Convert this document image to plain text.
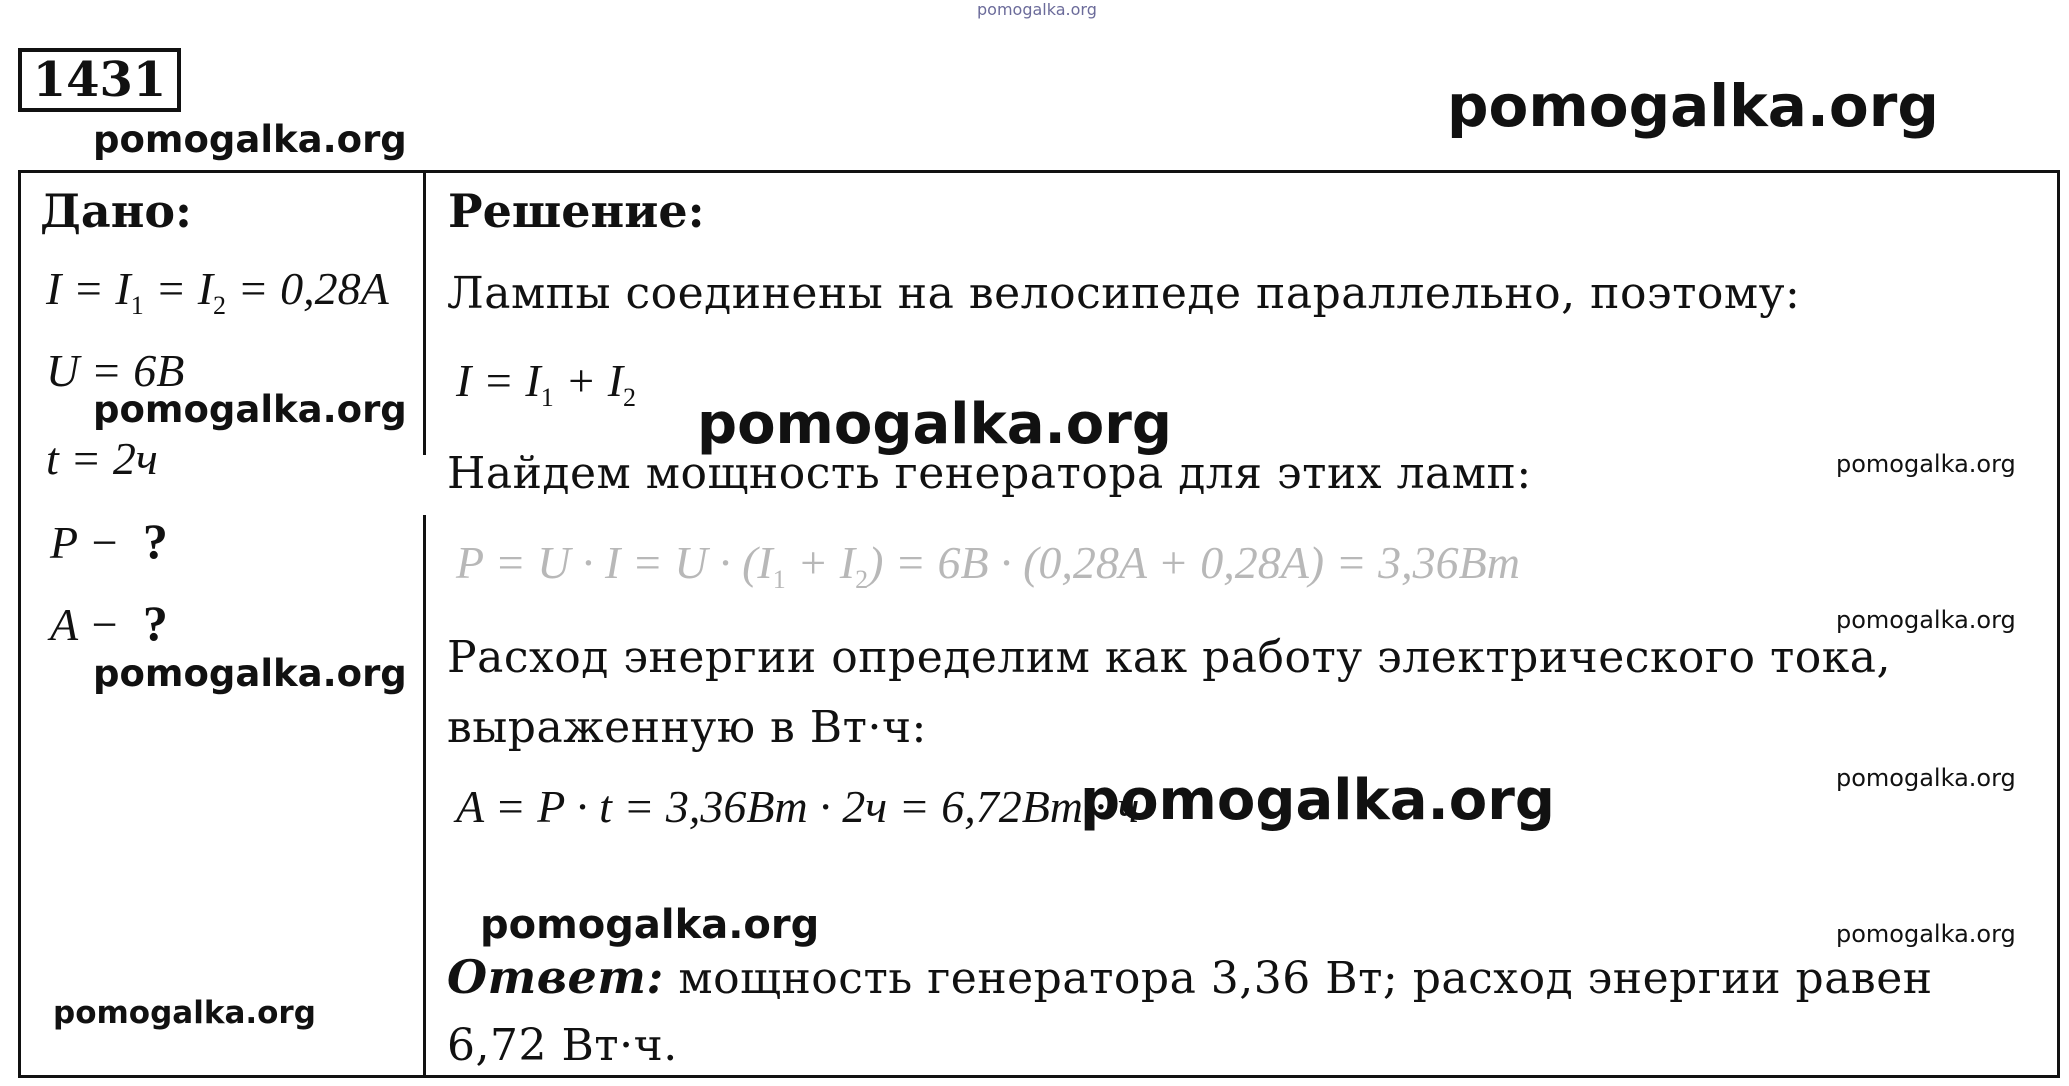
pomogalka.org
1431
pomogalka.org	pomogalka.org
Дано:
$I = I_1 = I_2 = 0,28A$
U = 6B
pomogalka.org
t = 2ч
P − ?
A − ?
pomogalka.org
pomogalka.org
Решение:
Лампы соединены на велосипеде параллельно, поэтому:
$I = I_1 + I_2$ pomogalka.org
Найдем мощность генератора для этих ламп:	pomogalka.org
$P = U \cdot I = U \cdot (I_1 + I_2) = 6B \cdot (0,28A + 0,28A) = 3,36Bm$
pomogalka.org
Расход энергии определим как работу электрического тока,
выраженную в Вт·ч:
pomogalka.org
A = P · t = 3,36Bm · 2ч = 6,72Bm · ч
pomogalka.org
pomogalka.org	pomogalka.org
Ответ: мощность генератора 3,36 Вт; расход энергии равен
6,72 Вт·ч.
